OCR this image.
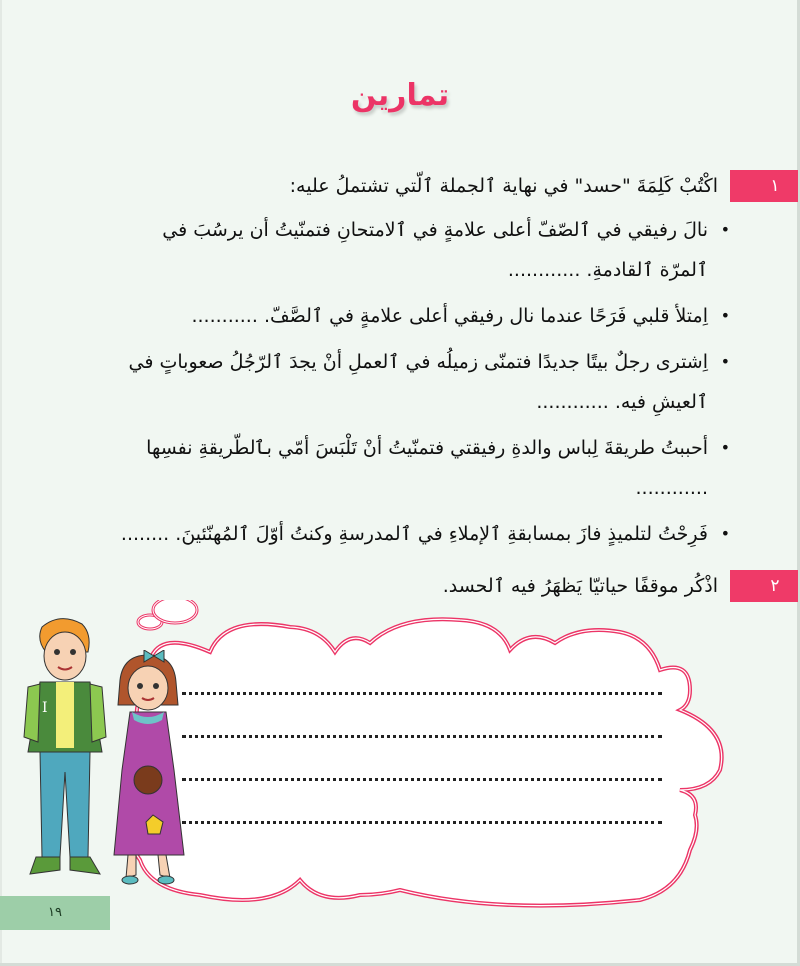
تمارين
١
اكْتُبْ كَلِمَةَ "حسد" في نهاية ٱلجملة ٱلّتي تشتملُ عليه:
•
نالَ رفيقي في ٱلصّفّ أعلى علامةٍ في ٱلامتحانِ فتمنّيتُ أن يرسُبَ في ٱلمرّة ٱلقادمةِ. ............
•
اِمتلأ قلبي فَرَحًا عندما نال رفيقي أعلى علامةٍ في ٱلصَّفّ. ...........
•
اِشترى رجلٌ بيتًا جديدًا فتمنّى زميلُه في ٱلعملِ أنْ يجدَ ٱلرّجُلُ صعوباتٍ في ٱلعيشِ فيه. ............
•
أحببتُ طريقةَ لِباس والدةِ رفيقتي فتمنّيتُ أنْ تَلْبَسَ أمّي بٱلطّريقةِ نفسِها
............
•
فَرِحْتُ لتلميذٍ فازَ بمسابقةِ ٱلإملاءِ في ٱلمدرسةِ وكنتُ أوّلَ ٱلمُهنّئينَ. ........
٢
اذْكُر موقفًا حياتيّا يَظهَرُ فيه ٱلحسد.
I
١٩
